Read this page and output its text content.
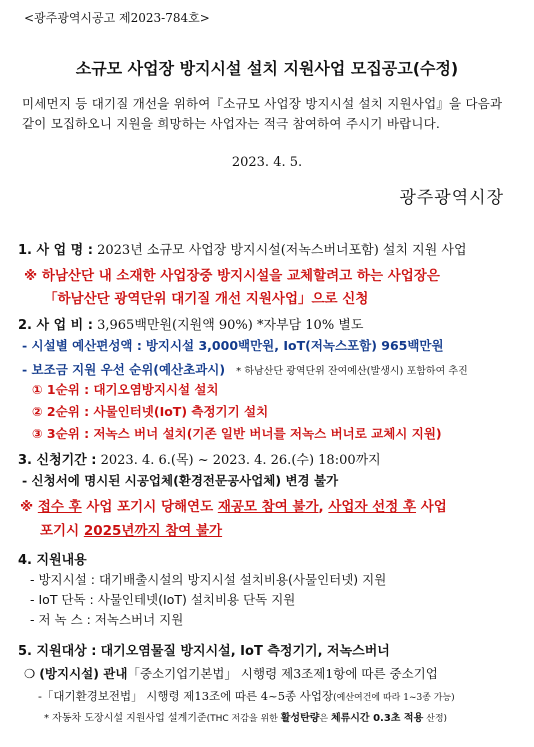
<광주광역시공고 제2023-784호>
소규모 사업장 방지시설 설치 지원사업 모집공고(수정)
미세먼지 등 대기질 개선을 위하여『소규모 사업장 방지시설 설치 지원사업』을 다음과 같이 모집하오니 지원을 희망하는 사업자는 적극 참여하여 주시기 바랍니다.
2023. 4. 5.
광주광역시장
1. 사 업 명 : 2023년 소규모 사업장 방지시설(저녹스버너포함) 설치 지원 사업
※ 하남산단 내 소재한 사업장중 방지시설을 교체할려고 하는 사업장은
「하남산단 광역단위 대기질 개선 지원사업」으로 신청
2. 사 업 비 : 3,965백만원(지원액 90%) *자부담 10% 별도
- 시설별 예산편성액 : 방지시설 3,000백만원, IoT(저녹스포함) 965백만원
- 보조금 지원 우선 순위(예산초과시) * 하남산단 광역단위 잔여예산(발생시) 포함하여 추진
① 1순위 : 대기오염방지시설 설치
② 2순위 : 사물인터넷(IoT) 측정기기 설치
③ 3순위 : 저녹스 버너 설치(기존 일반 버너를 저녹스 버너로 교체시 지원)
3. 신청기간 : 2023. 4. 6.(목) ~ 2023. 4. 26.(수) 18:00까지
- 신청서에 명시된 시공업체(환경전문공사업체) 변경 불가
※ 접수 후 사업 포기시 당해연도 재공모 참여 불가, 사업자 선정 후 사업
포기시 2025년까지 참여 불가
4. 지원내용
- 방지시설 : 대기배출시설의 방지시설 설치비용(사물인터넷) 지원
- IoT 단독 : 사물인테넷(IoT) 설치비용 단독 지원
- 저 녹 스 : 저녹스버너 지원
5. 지원대상 : 대기오염물질 방지시설, IoT 측정기기, 저녹스버너
❍ (방지시설) 관내「중소기업기본법」 시행령 제3조제1항에 따른 중소기업
-「대기환경보전법」 시행령 제13조에 따른 4~5종 사업장(예산여건에 따라 1~3종 가능)
* 자동차 도장시설 지원사업 설계기준(THC 저감을 위한 활성탄량은 체류시간 0.3초 적용 산정)
